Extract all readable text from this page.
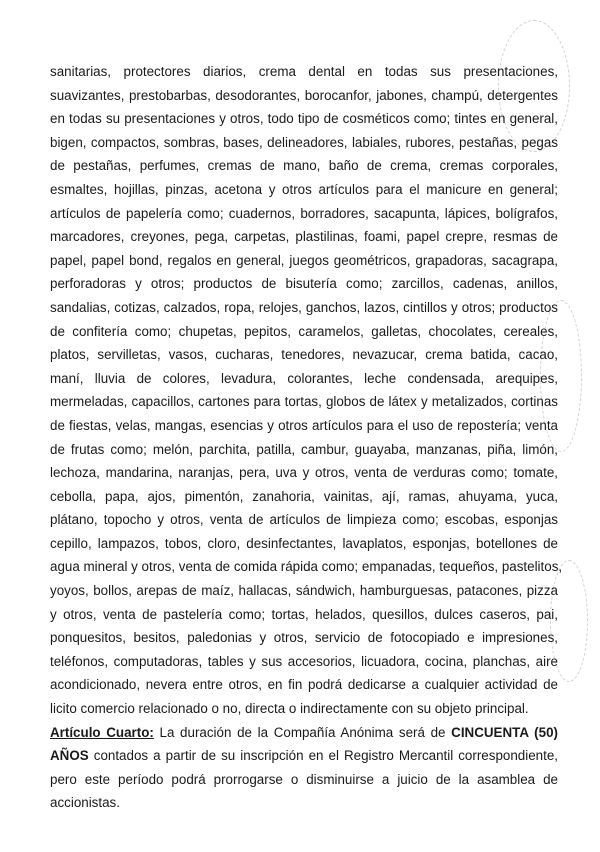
sanitarias, protectores diarios, crema dental en todas sus presentaciones,
suavizantes, prestobarbas, desodorantes, borocanfor, jabones, champú, detergentes
en todas su presentaciones y otros, todo tipo de cosméticos como; tintes en general,
bigen, compactos, sombras, bases, delineadores, labiales, rubores, pestañas, pegas
de pestañas, perfumes, cremas de mano, baño de crema, cremas corporales,
esmaltes, hojillas, pinzas, acetona y otros artículos para el manicure en general;
artículos de papelería como; cuadernos, borradores, sacapunta, lápices, bolígrafos,
marcadores, creyones, pega, carpetas, plastilinas, foami, papel crepre, resmas de
papel, papel bond, regalos en general, juegos geométricos, grapadoras, sacagrapa,
perforadoras y otros; productos de bisutería como; zarcillos, cadenas, anillos,
sandalias, cotizas, calzados, ropa, relojes, ganchos, lazos, cintillos y otros; productos
de confitería como; chupetas, pepitos, caramelos, galletas, chocolates, cereales,
platos, servilletas, vasos, cucharas, tenedores, nevazucar, crema batida, cacao,
maní, lluvia de colores, levadura, colorantes, leche condensada, arequipes,
mermeladas, capacillos, cartones para tortas, globos de látex y metalizados, cortinas
de fiestas, velas, mangas, esencias y otros artículos para el uso de repostería; venta
de frutas como; melón, parchita, patilla, cambur, guayaba, manzanas, piña, limón,
lechoza, mandarina, naranjas, pera, uva y otros, venta de verduras como; tomate,
cebolla, papa, ajos, pimentón, zanahoria, vainitas, ají, ramas, ahuyama, yuca,
plátano, topocho y otros, venta de artículos de limpieza como; escobas, esponjas
cepillo, lampazos, tobos, cloro, desinfectantes, lavaplatos, esponjas, botellones de
agua mineral y otros, venta de comida rápida como; empanadas, tequeños, pastelitos,
yoyos, bollos, arepas de maíz, hallacas, sándwich, hamburguesas, patacones, pizza
y otros, venta de pastelería como; tortas, helados, quesillos, dulces caseros, pai,
ponquesitos, besitos, paledonias y otros, servicio de fotocopiado e impresiones,
teléfonos, computadoras, tables y sus accesorios, licuadora, cocina, planchas, aire
acondicionado, nevera entre otros, en fin podrá dedicarse a cualquier actividad de
licito comercio relacionado o no, directa o indirectamente con su objeto principal.
Artículo Cuarto: La duración de la Compañía Anónima será de CINCUENTA (50)
AÑOS contados a partir de su inscripción en el Registro Mercantil correspondiente,
pero este período podrá prorrogarse o disminuirse a juicio de la asamblea de
accionistas.
